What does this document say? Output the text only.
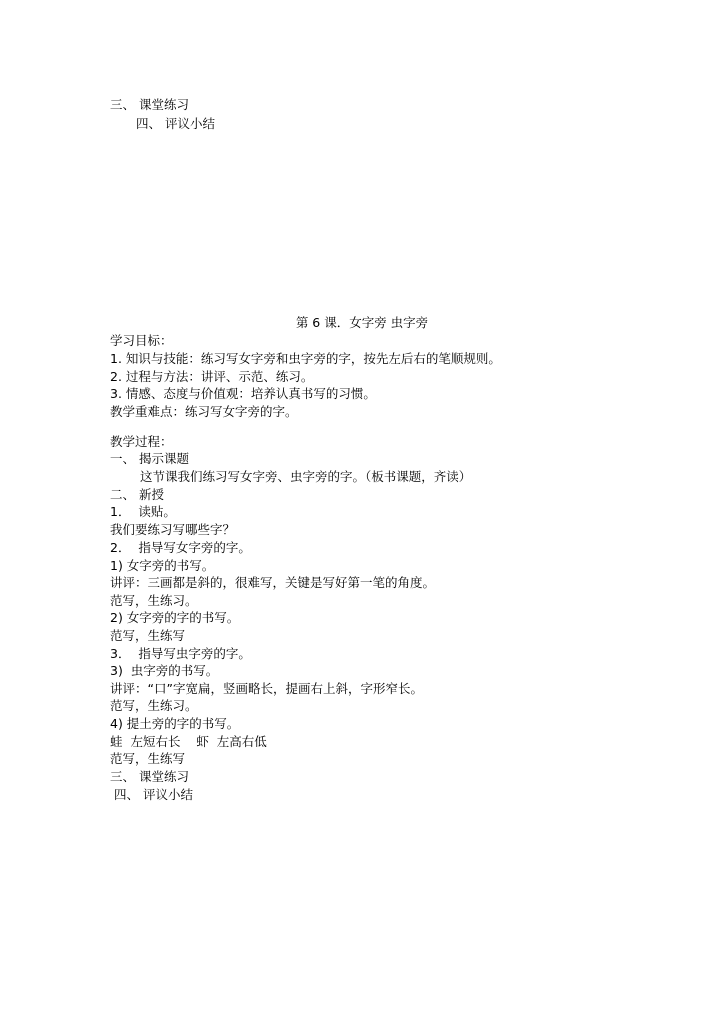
三、 课堂练习
四、 评议小结
第 6 课．女字旁 虫字旁
学习目标：
1. 知识与技能：练习写女字旁和虫字旁的字，按先左后右的笔顺规则。
2. 过程与方法：讲评、示范、练习。
3. 情感、态度与价值观：培养认真书写的习惯。
教学重难点：练习写女字旁的字。
教学过程：
一、 揭示课题
这节课我们练习写女字旁、虫字旁的字。（板书课题，齐读）
二、 新授
1．  读贴。
我们要练习写哪些字？
2．  指导写女字旁的字。
1) 女字旁的书写。
讲评：三画都是斜的，很难写，关键是写好第一笔的角度。
范写，生练习。
2) 女字旁的字的书写。
范写，生练写
3．  指导写虫字旁的字。
3)  虫字旁的书写。
讲评：“口”字宽扁，竖画略长，提画右上斜，字形窄长。
范写，生练习。
4) 提土旁的字的书写。
蛙  左短右长    虾  左高右低
范写，生练写
三、 课堂练习
四、 评议小结
